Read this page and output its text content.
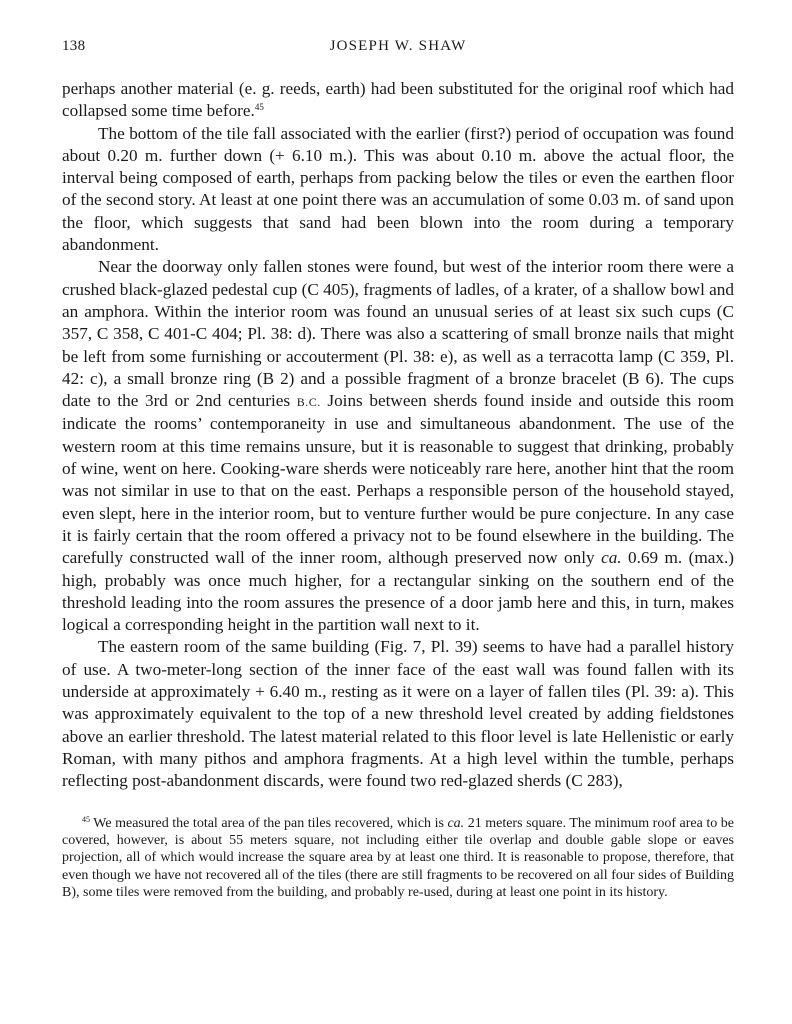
138	JOSEPH W. SHAW

perhaps another material (e. g. reeds, earth) had been substituted for the original roof which had collapsed some time before.$^{45}$

The bottom of the tile fall associated with the earlier (first?) period of occupation was found about 0.20 m. further down (+ 6.10 m.). This was about 0.10 m. above the actual floor, the interval being composed of earth, perhaps from packing below the tiles or even the earthen floor of the second story. At least at one point there was an accumulation of some 0.03 m. of sand upon the floor, which suggests that sand had been blown into the room during a temporary abandonment.

Near the doorway only fallen stones were found, but west of the interior room there were a crushed black-glazed pedestal cup (C 405), fragments of ladles, of a krater, of a shallow bowl and an amphora. Within the interior room was found an unusual series of at least six such cups (C 357, C 358, C 401-C 404; Pl. 38: d). There was also a scattering of small bronze nails that might be left from some furnishing or accouterment (Pl. 38: e), as well as a terracotta lamp (C 359, Pl. 42: c), a small bronze ring (B 2) and a possible fragment of a bronze bracelet (B 6). The cups date to the 3rd or 2nd centuries B.C. Joins between sherds found inside and outside this room indicate the rooms’ contemporaneity in use and simultaneous abandonment. The use of the western room at this time remains unsure, but it is reasonable to suggest that drinking, probably of wine, went on here. Cooking-ware sherds were noticeably rare here, another hint that the room was not similar in use to that on the east. Perhaps a responsible person of the household stayed, even slept, here in the interior room, but to venture further would be pure conjecture. In any case it is fairly certain that the room offered a privacy not to be found elsewhere in the building. The carefully constructed wall of the inner room, although preserved now only ca. 0.69 m. (max.) high, probably was once much higher, for a rectangular sinking on the southern end of the threshold leading into the room assures the presence of a door jamb here and this, in turn, makes logical a corresponding height in the partition wall next to it.

The eastern room of the same building (Fig. 7, Pl. 39) seems to have had a parallel history of use. A two-meter-long section of the inner face of the east wall was found fallen with its underside at approximately + 6.40 m., resting as it were on a layer of fallen tiles (Pl. 39: a). This was approximately equivalent to the top of a new threshold level created by adding fieldstones above an earlier threshold. The latest material related to this floor level is late Hellenistic or early Roman, with many pithos and amphora fragments. At a high level within the tumble, perhaps reflecting post-abandonment discards, were found two red-glazed sherds (C 283),

$^{45}$ We measured the total area of the pan tiles recovered, which is ca. 21 meters square. The minimum roof area to be covered, however, is about 55 meters square, not including either tile overlap and double gable slope or eaves projection, all of which would increase the square area by at least one third. It is reasonable to propose, therefore, that even though we have not recovered all of the tiles (there are still fragments to be recovered on all four sides of Building B), some tiles were removed from the building, and probably re-used, during at least one point in its history.
